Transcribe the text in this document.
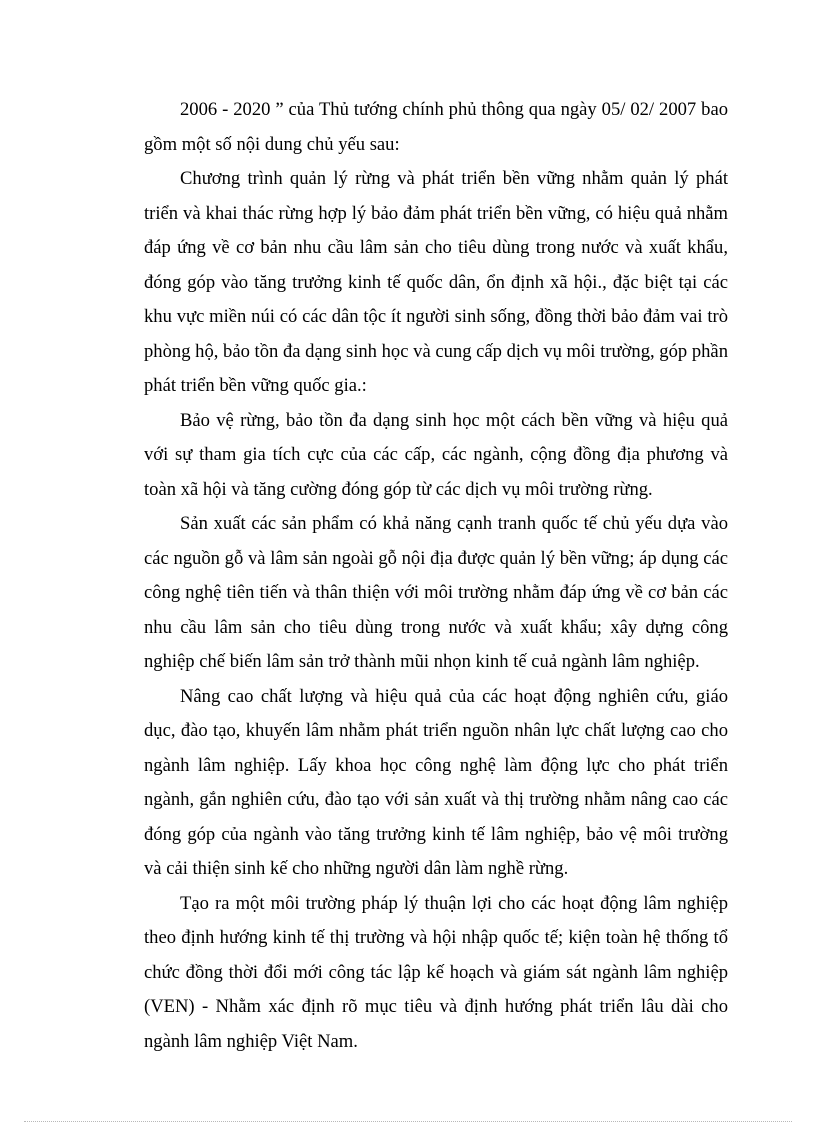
2006 - 2020 ” của Thủ tướng chính phủ thông qua ngày 05/ 02/ 2007 bao gồm một số nội dung chủ yếu sau:

Chương trình quản lý rừng và phát triển bền vững nhằm quản lý phát triển và khai thác rừng hợp lý bảo đảm phát triển bền vững, có hiệu quả nhằm đáp ứng về cơ bản nhu cầu lâm sản cho tiêu dùng trong nước và xuất khẩu, đóng góp vào tăng trưởng kinh tế quốc dân, ổn định xã hội., đặc biệt tại các khu vực miền núi có các dân tộc ít người sinh sống, đồng thời bảo đảm vai trò phòng hộ, bảo tồn đa dạng sinh học và cung cấp dịch vụ môi trường, góp phần phát triển bền vững quốc gia.:

Bảo vệ rừng, bảo tồn đa dạng sinh học một cách bền vững và hiệu quả với sự tham gia tích cực của các cấp, các ngành, cộng đồng địa phương và toàn xã hội và tăng cường đóng góp từ các dịch vụ môi trường rừng.

Sản xuất các sản phẩm có khả năng cạnh tranh quốc tế chủ yếu dựa vào các nguồn gỗ và lâm sản ngoài gỗ nội địa được quản lý bền vững; áp dụng các công nghệ tiên tiến và thân thiện với môi trường nhằm đáp ứng về cơ bản các nhu cầu lâm sản cho tiêu dùng trong nước và xuất khẩu; xây dựng công nghiệp chế biến lâm sản trở thành mũi nhọn kinh tế cuả ngành lâm nghiệp.

Nâng cao chất lượng và hiệu quả của các hoạt động nghiên cứu, giáo dục, đào tạo, khuyến lâm nhằm phát triển nguồn nhân lực chất lượng cao cho ngành lâm nghiệp. Lấy khoa học công nghệ làm động lực cho phát triển ngành, gắn nghiên cứu, đào tạo với sản xuất và thị trường nhằm nâng cao các đóng góp của ngành vào tăng trưởng kinh tế lâm nghiệp, bảo vệ môi trường và cải thiện sinh kế cho những người dân làm nghề rừng.

Tạo ra một môi trường pháp lý thuận lợi cho các hoạt động lâm nghiệp theo định hướng kinh tế thị trường và hội nhập quốc tế; kiện toàn hệ thống tổ chức đồng thời đổi mới công tác lập kế hoạch và giám sát ngành lâm nghiệp (VEN) - Nhằm xác định rõ mục tiêu và định hướng phát triển lâu dài cho ngành lâm nghiệp Việt Nam.
